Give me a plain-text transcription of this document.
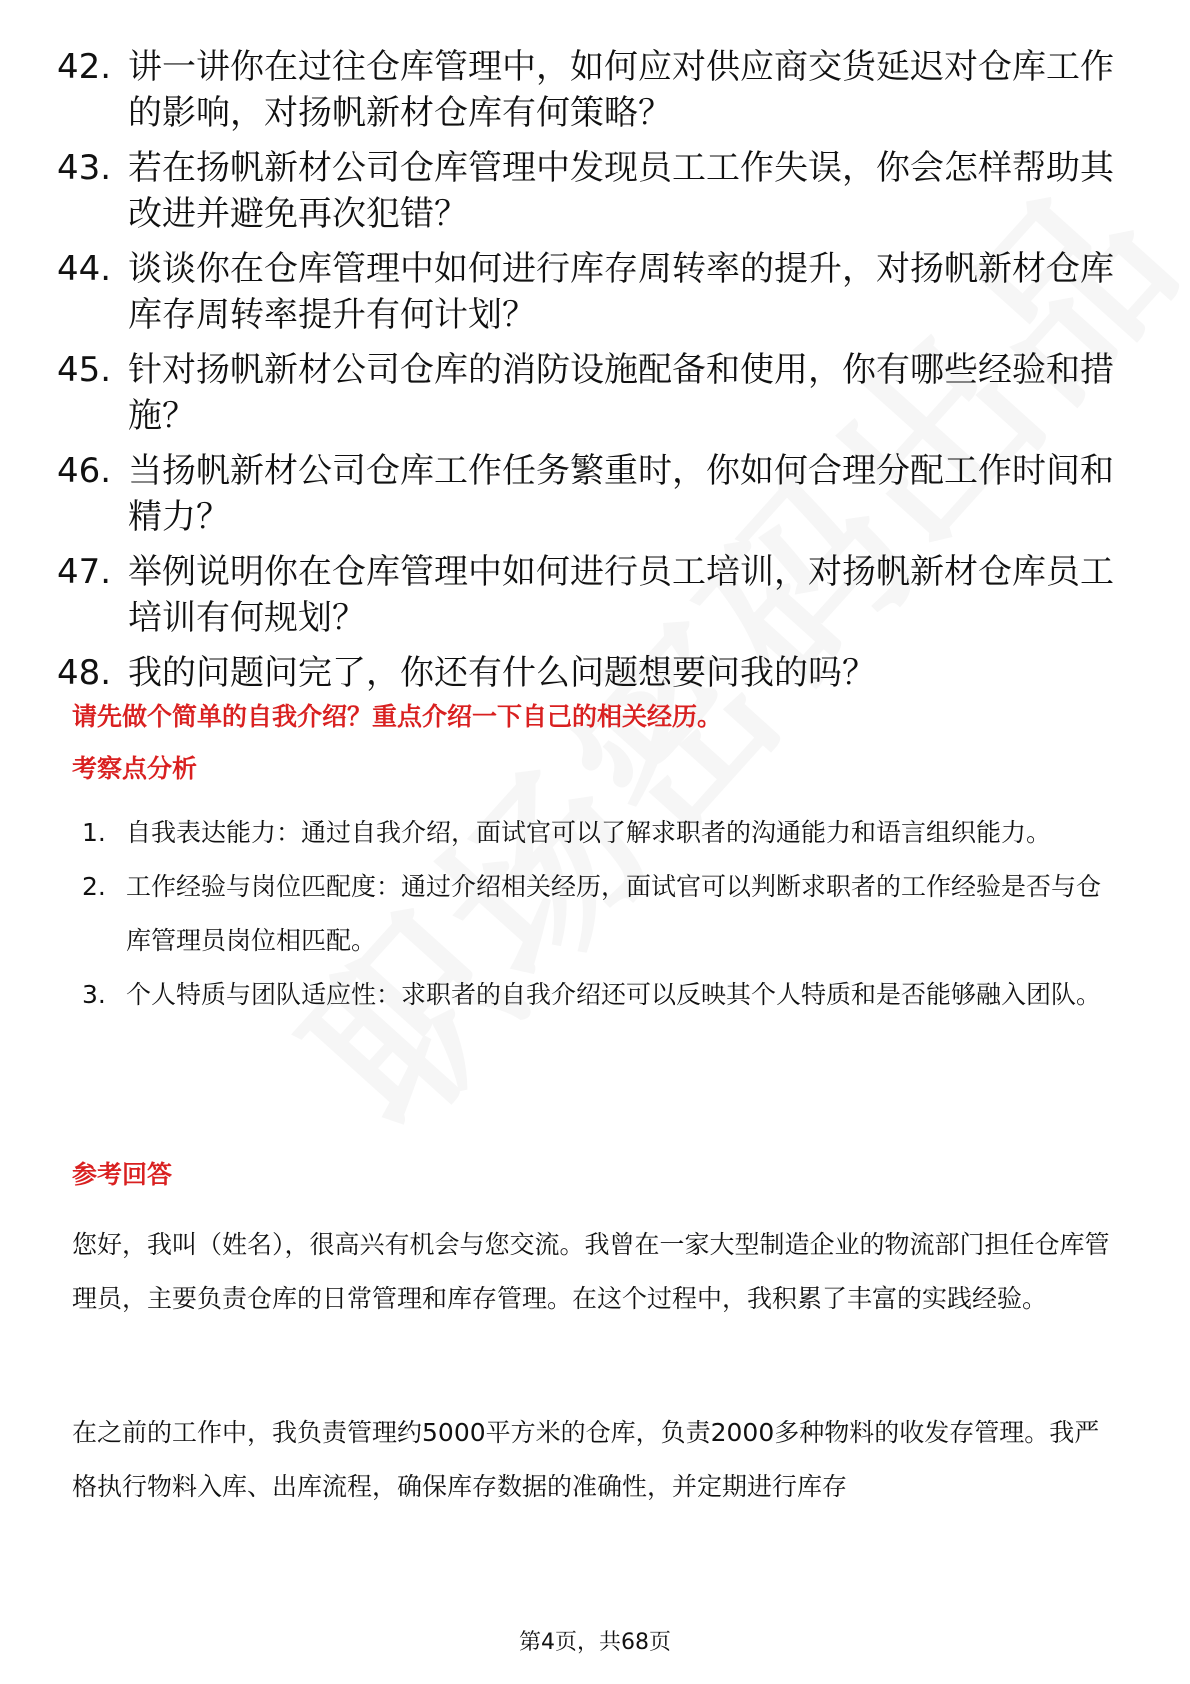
42. 讲一讲你在过往仓库管理中，如何应对供应商交货延迟对仓库工作的影响，对扬帆新材仓库有何策略？
43. 若在扬帆新材公司仓库管理中发现员工工作失误，你会怎样帮助其改进并避免再次犯错？
44. 谈谈你在仓库管理中如何进行库存周转率的提升，对扬帆新材仓库库存周转率提升有何计划？
45. 针对扬帆新材公司仓库的消防设施配备和使用，你有哪些经验和措施？
46. 当扬帆新材公司仓库工作任务繁重时，你如何合理分配工作时间和精力？
47. 举例说明你在仓库管理中如何进行员工培训，对扬帆新材仓库员工培训有何规划？
48. 我的问题问完了，你还有什么问题想要问我的吗？
请先做个简单的自我介绍？重点介绍一下自己的相关经历。
考察点分析
1. 自我表达能力：通过自我介绍，面试官可以了解求职者的沟通能力和语言组织能力。
2. 工作经验与岗位匹配度：通过介绍相关经历，面试官可以判断求职者的工作经验是否与仓库管理员岗位相匹配。
3. 个人特质与团队适应性：求职者的自我介绍还可以反映其个人特质和是否能够融入团队。
参考回答

您好，我叫（姓名），很高兴有机会与您交流。我曾在一家大型制造企业的物流部门担任仓库管理员，主要负责仓库的日常管理和库存管理。在这个过程中，我积累了丰富的实践经验。

在之前的工作中，我负责管理约5000平方米的仓库，负责2000多种物料的收发存管理。我严格执行物料入库、出库流程，确保库存数据的准确性，并定期进行库存

第4页，共68页
